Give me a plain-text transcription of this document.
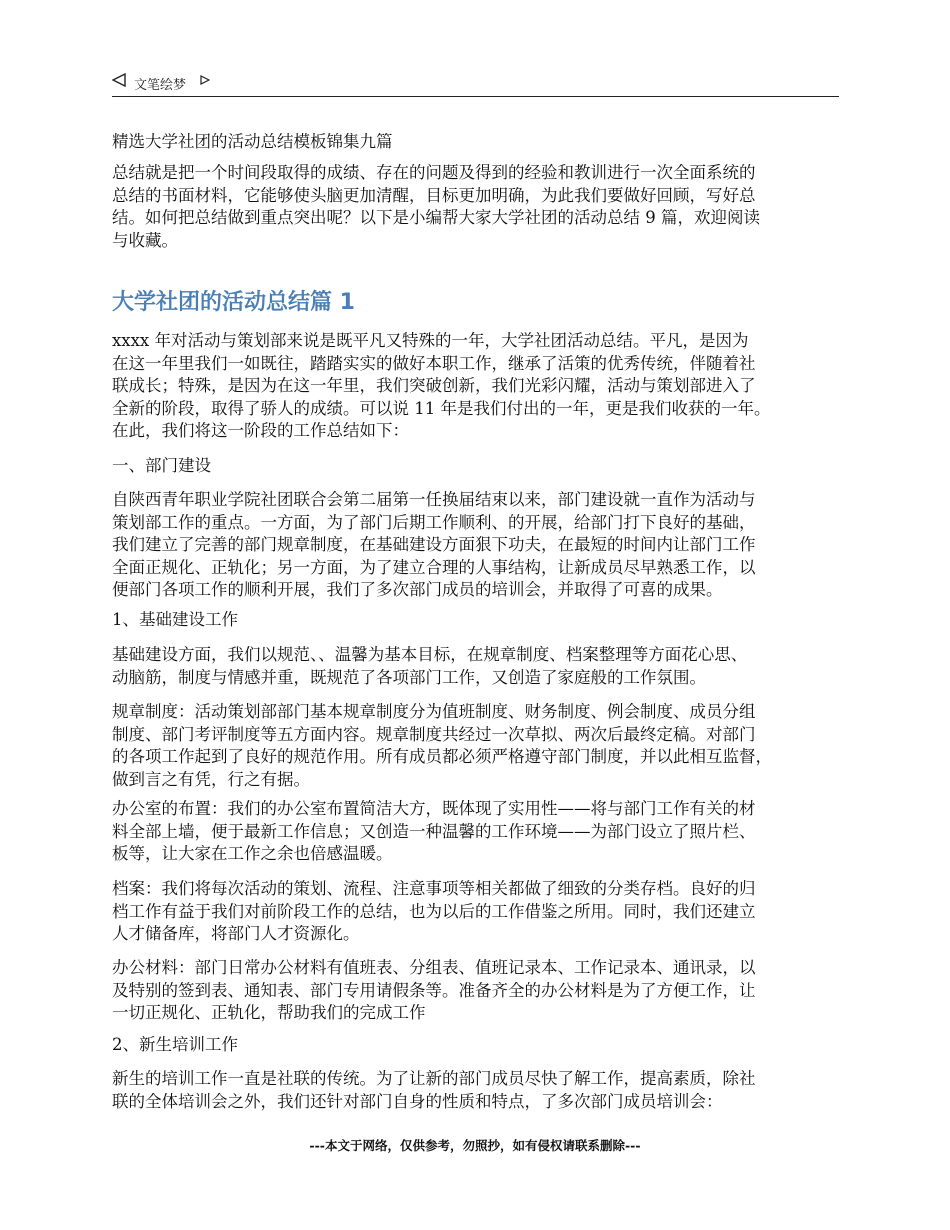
文笔绘梦
精选大学社团的活动总结模板锦集九篇

总结就是把一个时间段取得的成绩、存在的问题及得到的经验和教训进行一次全面系统的

总结的书面材料，它能够使头脑更加清醒，目标更加明确，为此我们要做好回顾，写好总

结。如何把总结做到重点突出呢？以下是小编帮大家大学社团的活动总结 9 篇，欢迎阅读

与收藏。

大学社团的活动总结篇 1

xxxx 年对活动与策划部来说是既平凡又特殊的一年，大学社团活动总结。平凡，是因为

在这一年里我们一如既往，踏踏实实的做好本职工作，继承了活策的优秀传统，伴随着社

联成长；特殊，是因为在这一年里，我们突破创新，我们光彩闪耀，活动与策划部进入了

全新的阶段，取得了骄人的成绩。可以说 11 年是我们付出的一年，更是我们收获的一年。

在此，我们将这一阶段的工作总结如下：

一、部门建设

自陕西青年职业学院社团联合会第二届第一任换届结束以来，部门建设就一直作为活动与

策划部工作的重点。一方面，为了部门后期工作顺利、的开展，给部门打下良好的基础，

我们建立了完善的部门规章制度，在基础建设方面狠下功夫，在最短的时间内让部门工作

全面正规化、正轨化；另一方面，为了建立合理的人事结构，让新成员尽早熟悉工作，以

便部门各项工作的顺利开展，我们了多次部门成员的培训会，并取得了可喜的成果。

1、基础建设工作

基础建设方面，我们以规范、、温馨为基本目标，在规章制度、档案整理等方面花心思、

动脑筋，制度与情感并重，既规范了各项部门工作，又创造了家庭般的工作氛围。

规章制度：活动策划部部门基本规章制度分为值班制度、财务制度、例会制度、成员分组

制度、部门考评制度等五方面内容。规章制度共经过一次草拟、两次后最终定稿。对部门

的各项工作起到了良好的规范作用。所有成员都必须严格遵守部门制度，并以此相互监督，

做到言之有凭，行之有据。

办公室的布置：我们的办公室布置简洁大方，既体现了实用性——将与部门工作有关的材

料全部上墙，便于最新工作信息；又创造一种温馨的工作环境——为部门设立了照片栏、

板等，让大家在工作之余也倍感温暖。

档案：我们将每次活动的策划、流程、注意事项等相关都做了细致的分类存档。良好的归

档工作有益于我们对前阶段工作的总结，也为以后的工作借鉴之所用。同时，我们还建立

人才储备库，将部门人才资源化。

办公材料：部门日常办公材料有值班表、分组表、值班记录本、工作记录本、通讯录，以

及特别的签到表、通知表、部门专用请假条等。准备齐全的办公材料是为了方便工作，让

一切正规化、正轨化，帮助我们的完成工作

2、新生培训工作

新生的培训工作一直是社联的传统。为了让新的部门成员尽快了解工作，提高素质，除社

联的全体培训会之外，我们还针对部门自身的性质和特点，了多次部门成员培训会：

---本文于网络，仅供参考，勿照抄，如有侵权请联系删除---
